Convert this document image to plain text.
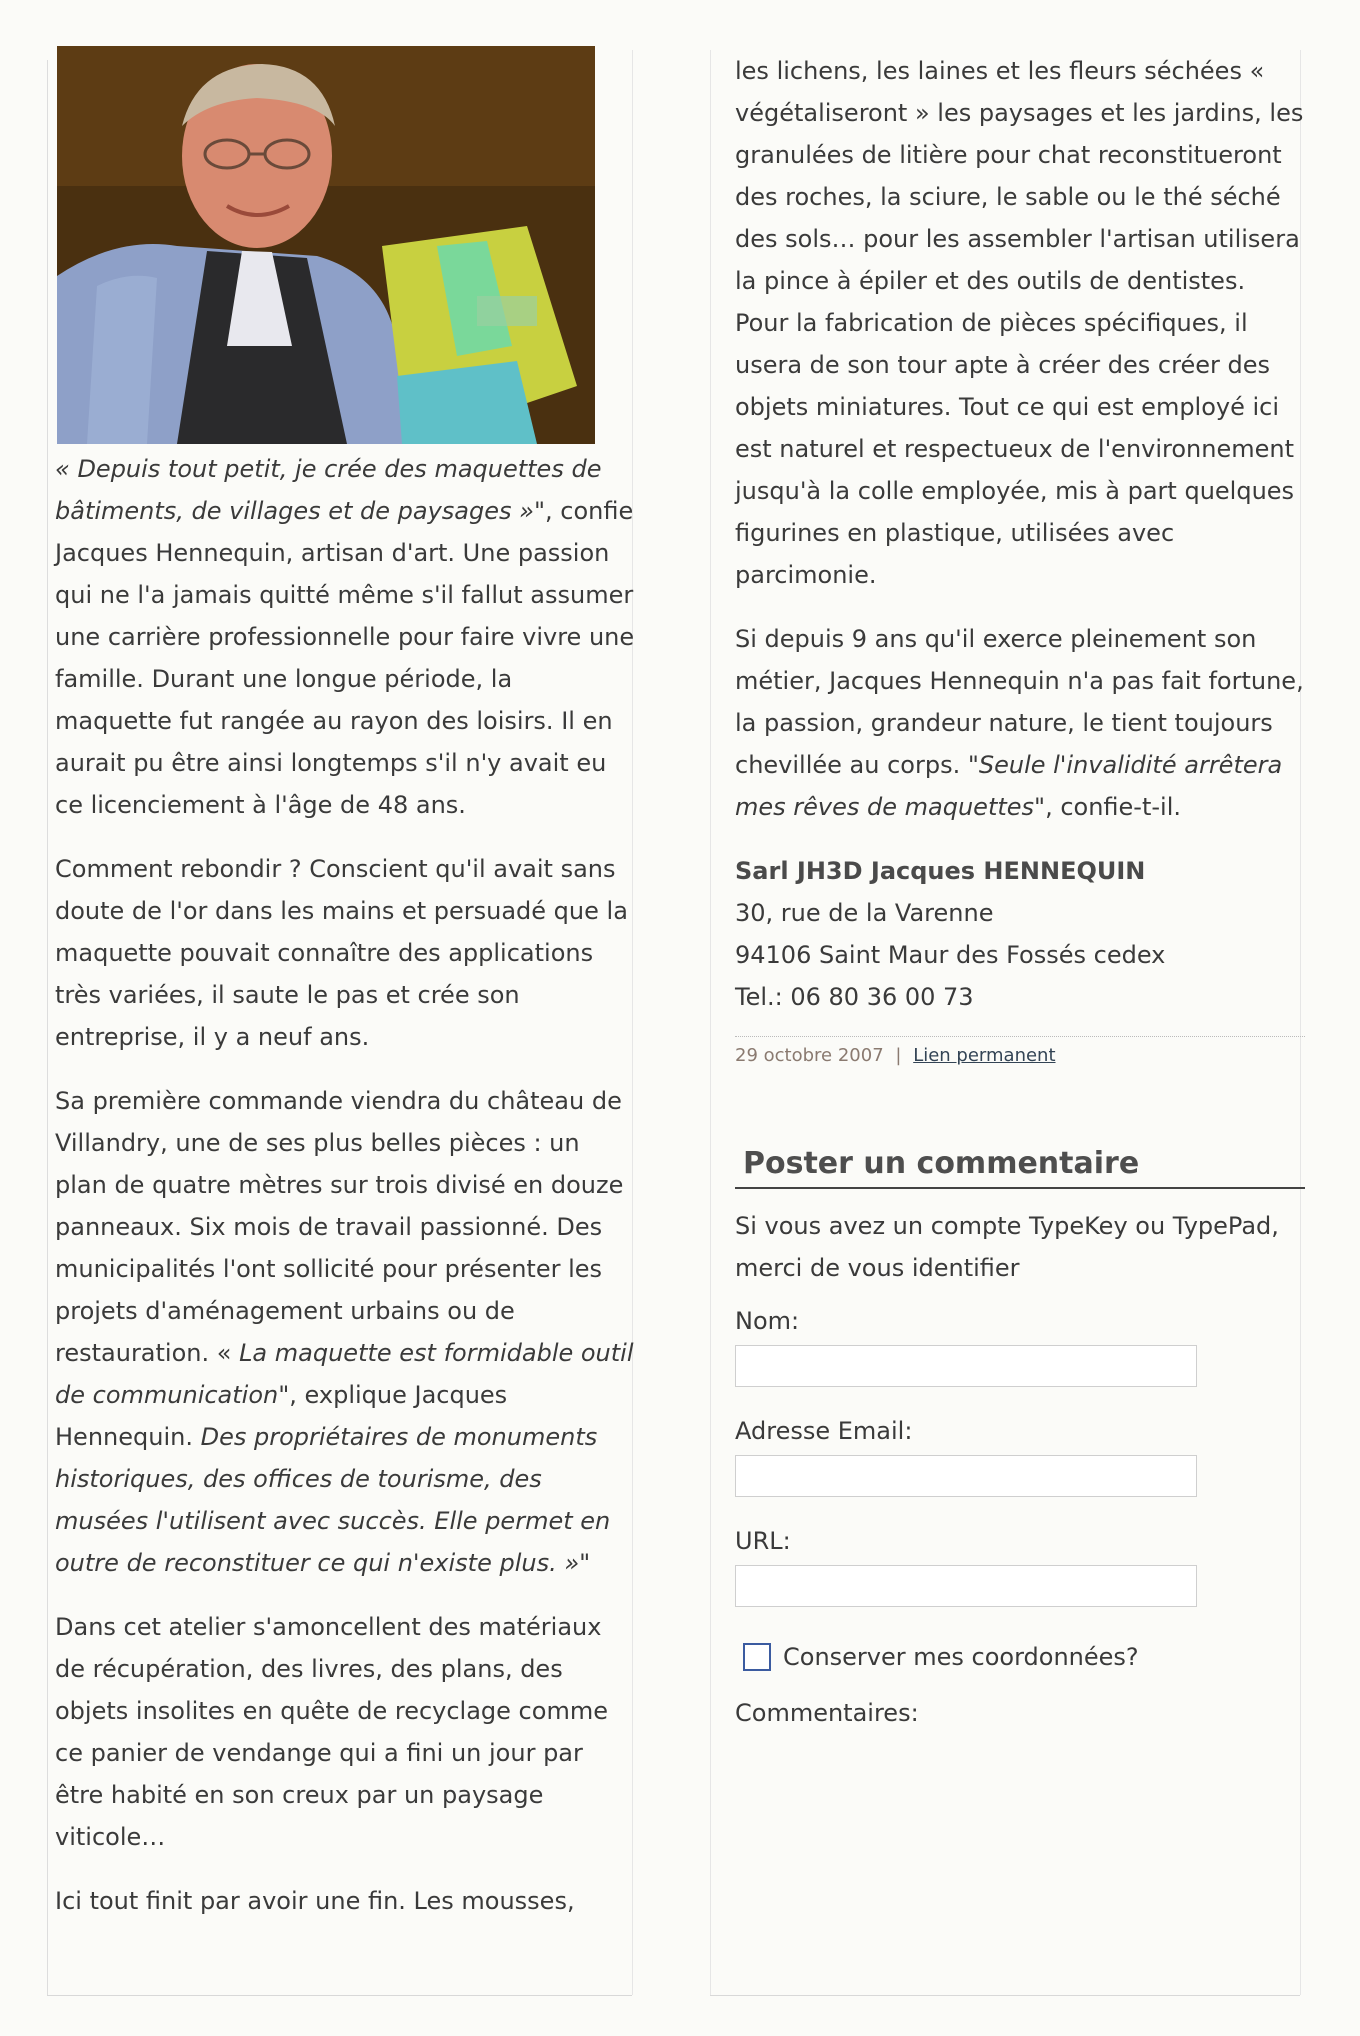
« Depuis tout petit, je crée des maquettes de bâtiments, de villages et de paysages »", confie Jacques Hennequin, artisan d'art. Une passion qui ne l'a jamais quitté même s'il fallut assumer une carrière professionnelle pour faire vivre une famille. Durant une longue période, la maquette fut rangée au rayon des loisirs. Il en aurait pu être ainsi longtemps s'il n'y avait eu ce licenciement à l'âge de 48 ans.

Comment rebondir ? Conscient qu'il avait sans doute de l'or dans les mains et persuadé que la maquette pouvait connaître des applications très variées, il saute le pas et crée son entreprise, il y a neuf ans.

Sa première commande viendra du château de Villandry, une de ses plus belles pièces : un plan de quatre mètres sur trois divisé en douze panneaux. Six mois de travail passionné. Des municipalités l'ont sollicité pour présenter les projets d'aménagement urbains ou de restauration. « La maquette est formidable outil de communication", explique Jacques Hennequin. Des propriétaires de monuments historiques, des offices de tourisme, des musées l'utilisent avec succès. Elle permet en outre de reconstituer ce qui n'existe plus. »"

Dans cet atelier s'amoncellent des matériaux de récupération, des livres, des plans, des objets insolites en quête de recyclage comme ce panier de vendange qui a fini un jour par être habité en son creux par un paysage viticole…

Ici tout finit par avoir une fin. Les mousses,

les lichens, les laines et les fleurs séchées « végétaliseront » les paysages et les jardins, les granulées de litière pour chat reconstitueront des roches, la sciure, le sable ou le thé séché des sols… pour les assembler l'artisan utilisera la pince à épiler et des outils de dentistes. Pour la fabrication de pièces spécifiques, il usera de son tour apte à créer des créer des objets miniatures. Tout ce qui est employé ici est naturel et respectueux de l'environnement jusqu'à la colle employée, mis à part quelques figurines en plastique, utilisées avec parcimonie.

Si depuis 9 ans qu'il exerce pleinement son métier, Jacques Hennequin n'a pas fait fortune, la passion, grandeur nature, le tient toujours chevillée au corps. "Seule l'invalidité arrêtera mes rêves de maquettes", confie-t-il.

Sarl JH3D Jacques HENNEQUIN
30, rue de la Varenne
94106 Saint Maur des Fossés cedex
Tel.: 06 80 36 00 73
29 octobre 2007 | Lien permanent
Poster un commentaire

Si vous avez un compte TypeKey ou TypePad, merci de vous identifier

Nom:
Adresse Email:
URL:
Conserver mes coordonnées?
Commentaires:
